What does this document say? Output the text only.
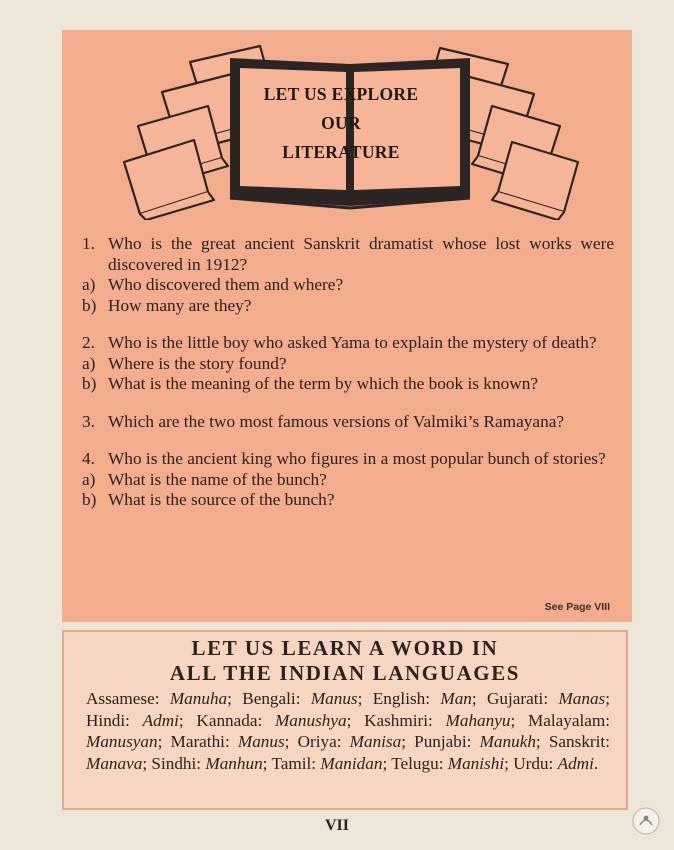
LET US EXPLORE
OUR
LITERATURE
1. Who is the great ancient Sanskrit dramatist whose lost works were discovered in 1912?
a) Who discovered them and where?
b) How many are they?
2. Who is the little boy who asked Yama to explain the mystery of death?
a) Where is the story found?
b) What is the meaning of the term by which the book is known?
3. Which are the two most famous versions of Valmiki’s Ramayana?
4. Who is the ancient king who figures in a most popular bunch of stories?
a) What is the name of the bunch?
b) What is the source of the bunch?
See Page VIII
LET US LEARN A WORD IN
ALL THE INDIAN LANGUAGES
Assamese: Manuha; Bengali: Manus; English: Man; Gujarati: Manas; Hindi: Admi; Kannada: Manushya; Kashmiri: Mahanyu; Malayalam: Manusyan; Marathi: Manus; Oriya: Manisa; Punjabi: Manukh; Sanskrit: Manava; Sindhi: Manhun; Tamil: Manidan; Telugu: Manishi; Urdu: Admi.
VII
